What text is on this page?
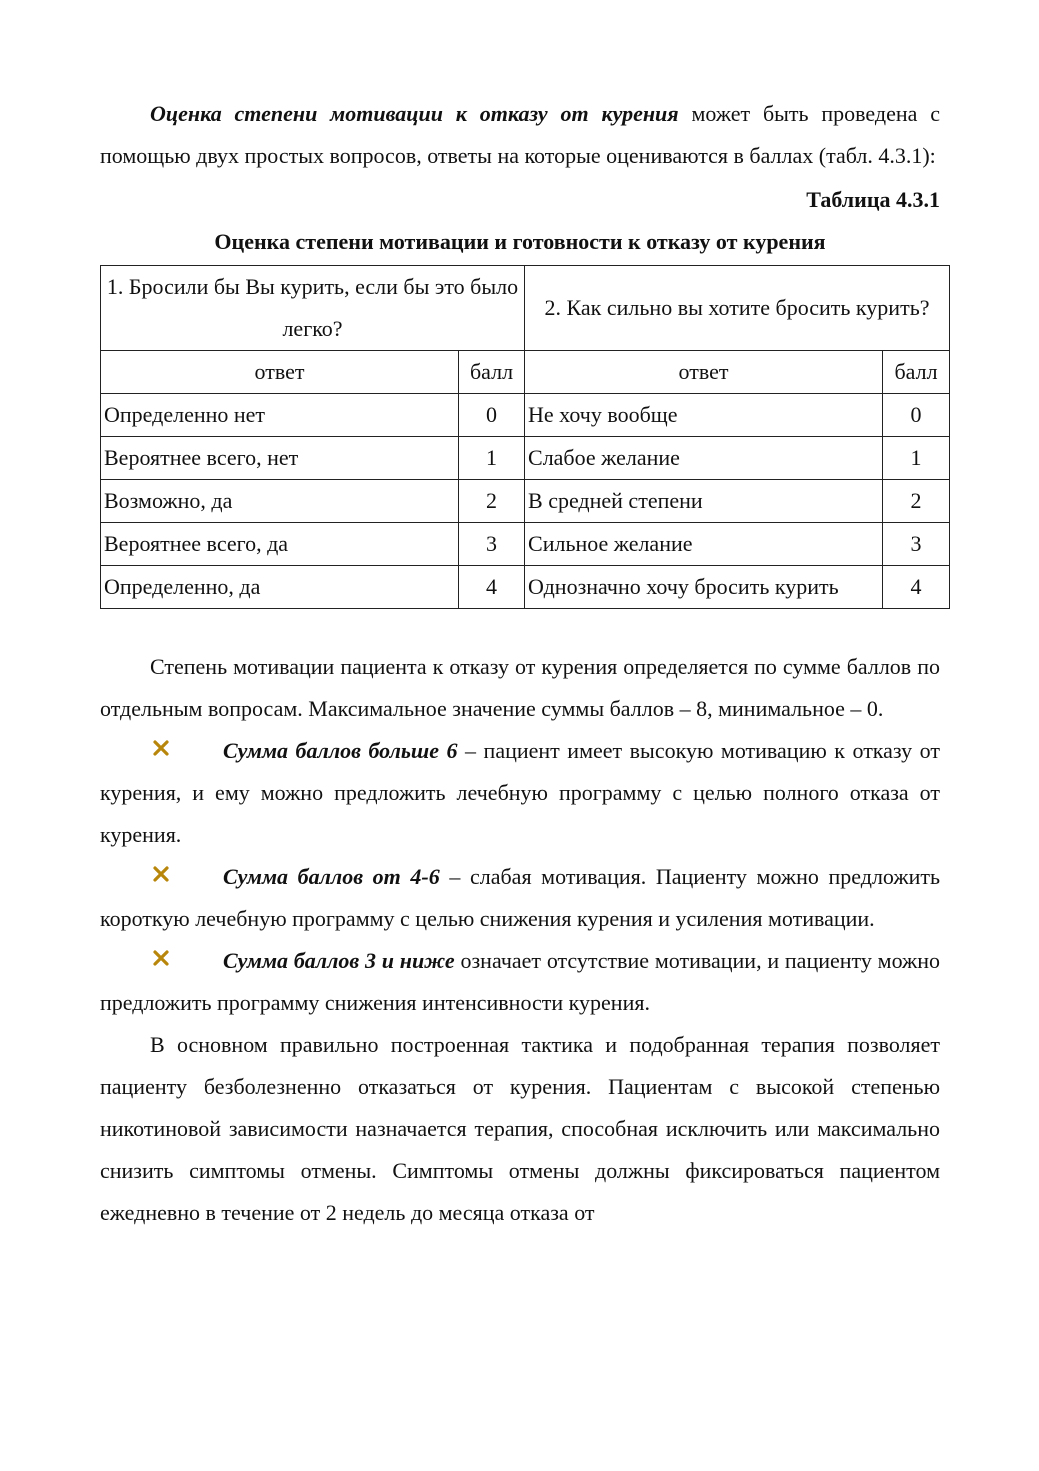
Оценка степени мотивации к отказу от курения может быть проведена с помощью двух простых вопросов, ответы на которые оцениваются в баллах (табл. 4.3.1):

Таблица 4.3.1
Оценка степени мотивации и готовности к отказу от курения
1. Бросили бы Вы курить, если бы это было легко?		2. Как сильно вы хотите бросить курить?	
ответ	балл	ответ	балл
Определенно нет	0	Не хочу вообще	0
Вероятнее всего, нет	1	Слабое желание	1
Возможно, да	2	В средней степени	2
Вероятнее всего, да	3	Сильное желание	3
Определенно, да	4	Однозначно хочу бросить курить	4

Степень мотивации пациента к отказу от курения определяется по сумме баллов по отдельным вопросам. Максимальное значение суммы баллов – 8, минимальное – 0.

Сумма баллов больше 6 – пациент имеет высокую мотивацию к отказу от курения, и ему можно предложить лечебную программу с целью полного отказа от курения.

Сумма баллов от 4-6 – слабая мотивация. Пациенту можно предложить короткую лечебную программу с целью снижения курения и усиления мотивации.

Сумма баллов 3 и ниже означает отсутствие мотивации, и пациенту можно предложить программу снижения интенсивности курения.

В основном правильно построенная тактика и подобранная терапия позволяет пациенту безболезненно отказаться от курения. Пациентам с высокой степенью никотиновой зависимости назначается терапия, способная исключить или максимально снизить симптомы отмены. Симптомы отмены должны фиксироваться пациентом ежедневно в течение от 2 недель до месяца отказа от
